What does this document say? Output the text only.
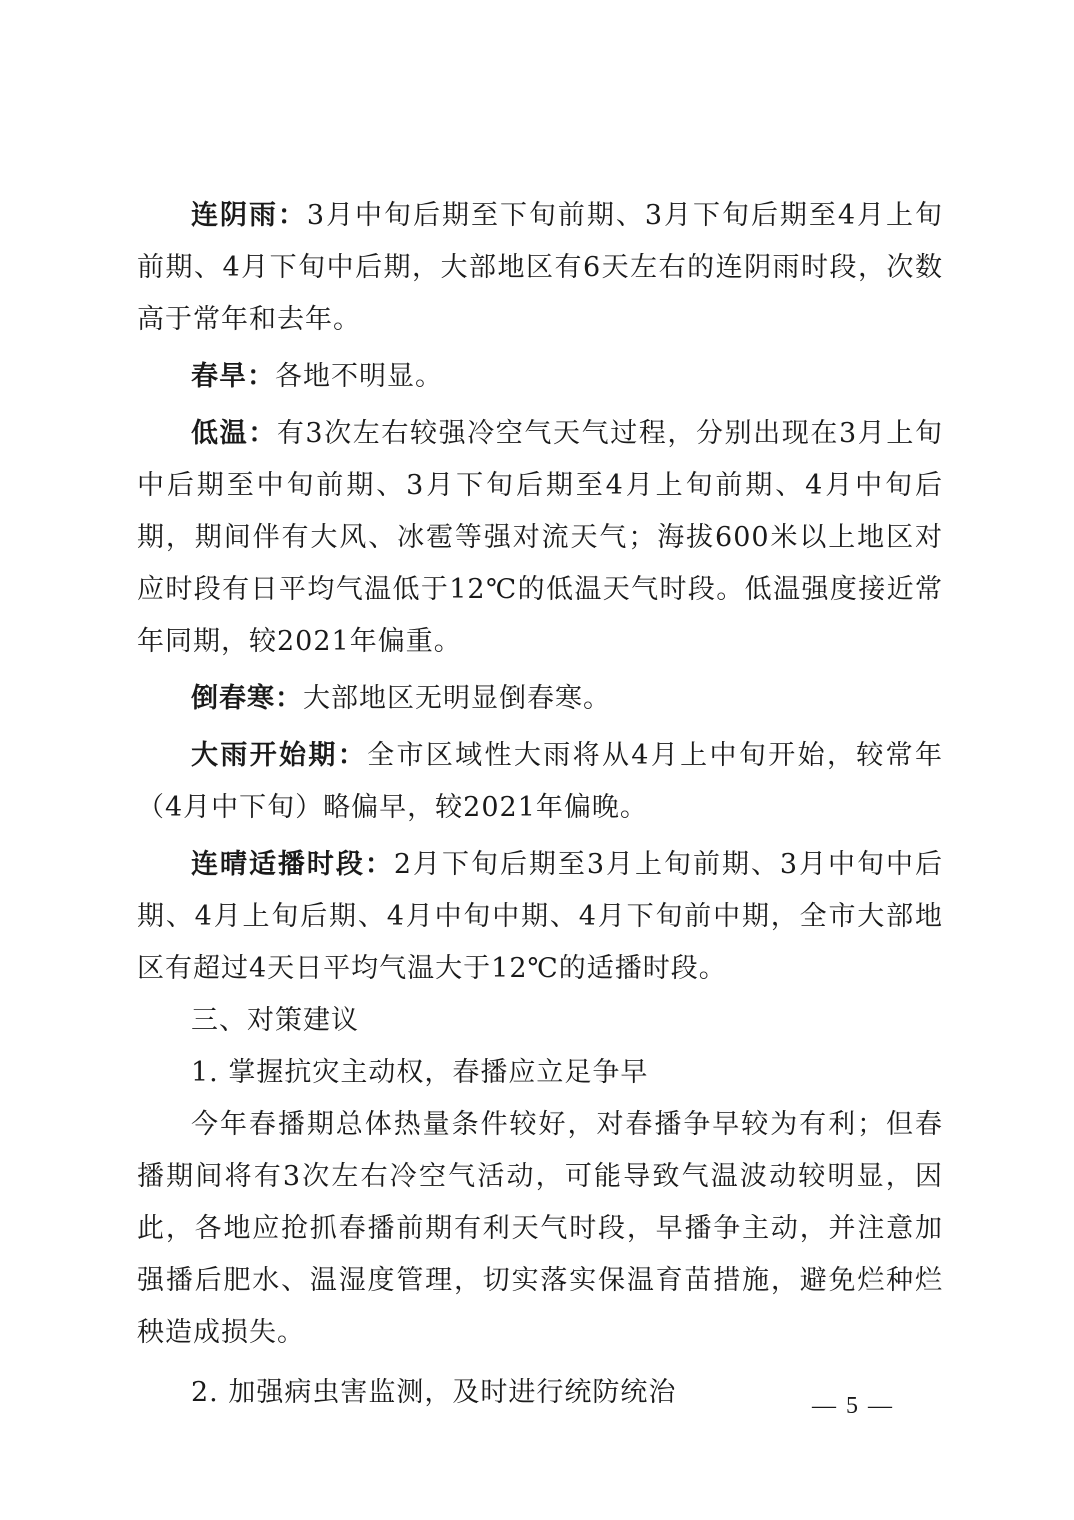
连阴雨：3月中旬后期至下旬前期、3月下旬后期至4月上旬前期、4月下旬中后期，大部地区有6天左右的连阴雨时段，次数高于常年和去年。

春旱：各地不明显。

低温：有3次左右较强冷空气天气过程，分别出现在3月上旬中后期至中旬前期、3月下旬后期至4月上旬前期、4月中旬后期，期间伴有大风、冰雹等强对流天气；海拔600米以上地区对应时段有日平均气温低于12℃的低温天气时段。低温强度接近常年同期，较2021年偏重。

倒春寒：大部地区无明显倒春寒。

大雨开始期：全市区域性大雨将从4月上中旬开始，较常年（4月中下旬）略偏早，较2021年偏晚。

连晴适播时段：2月下旬后期至3月上旬前期、3月中旬中后期、4月上旬后期、4月中旬中期、4月下旬前中期，全市大部地区有超过4天日平均气温大于12℃的适播时段。

三、对策建议

1. 掌握抗灾主动权，春播应立足争早

今年春播期总体热量条件较好，对春播争早较为有利；但春播期间将有3次左右冷空气活动，可能导致气温波动较明显，因此，各地应抢抓春播前期有利天气时段，早播争主动，并注意加强播后肥水、温湿度管理，切实落实保温育苗措施，避免烂种烂秧造成损失。

2. 加强病虫害监测，及时进行统防统治	— 5 —
